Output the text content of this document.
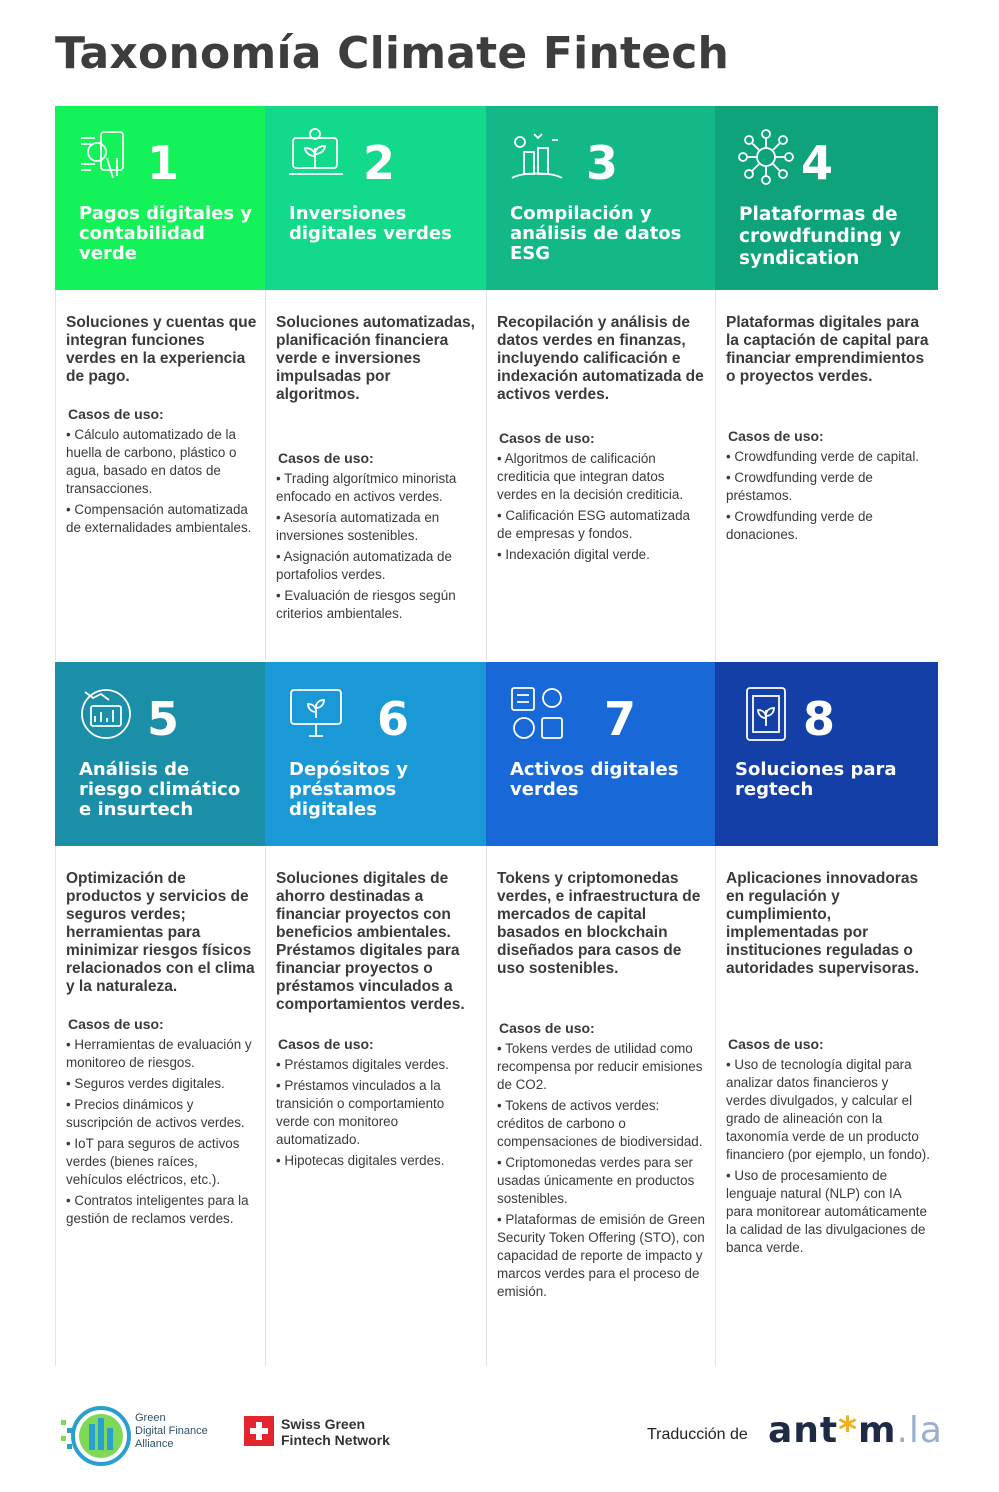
Taxonomía Climate Fintech
1
Pagos digitales y contabilidad verde
2
Inversiones digitales verdes
3
Compilación y análisis de datos ESG
4
Plataformas de crowdfunding y syndication
Soluciones y cuentas que integran funciones verdes en la experiencia de pago.
Casos de uso:
• Cálculo automatizado de la huella de carbono, plástico o agua, basado en datos de transacciones.
• Compensación automatizada de externalidades ambientales.
Soluciones automatizadas, planificación financiera verde e inversiones impulsadas por algoritmos.
Casos de uso:
• Trading algorítmico minorista enfocado en activos verdes.
• Asesoría automatizada en inversiones sostenibles.
• Asignación automatizada de portafolios verdes.
• Evaluación de riesgos según criterios ambientales.
Recopilación y análisis de datos verdes en finanzas, incluyendo calificación e indexación automatizada de activos verdes.
Casos de uso:
• Algoritmos de calificación crediticia que integran datos verdes en la decisión crediticia.
• Calificación ESG automatizada de empresas y fondos.
• Indexación digital verde.
Plataformas digitales para la captación de capital para financiar emprendimientos o proyectos verdes.
Casos de uso:
• Crowdfunding verde de capital.
• Crowdfunding verde de préstamos.
• Crowdfunding verde de donaciones.
5
Análisis de riesgo climático e insurtech
6
Depósitos y préstamos digitales
7
Activos digitales verdes
8
Soluciones para regtech
Optimización de productos y servicios de seguros verdes; herramientas para minimizar riesgos físicos relacionados con el clima y la naturaleza.
Casos de uso:
• Herramientas de evaluación y monitoreo de riesgos.
• Seguros verdes digitales.
• Precios dinámicos y suscripción de activos verdes.
• IoT para seguros de activos verdes (bienes raíces, vehículos eléctricos, etc.).
• Contratos inteligentes para la gestión de reclamos verdes.
Soluciones digitales de ahorro destinadas a financiar proyectos con beneficios ambientales. Préstamos digitales para financiar proyectos o préstamos vinculados a comportamientos verdes.
Casos de uso:
• Préstamos digitales verdes.
• Préstamos vinculados a la transición o comportamiento verde con monitoreo automatizado.
• Hipotecas digitales verdes.
Tokens y criptomonedas verdes, e infraestructura de mercados de capital basados en blockchain diseñados para casos de uso sostenibles.
Casos de uso:
• Tokens verdes de utilidad como recompensa por reducir emisiones de CO2.
• Tokens de activos verdes: créditos de carbono o compensaciones de biodiversidad.
• Criptomonedas verdes para ser usadas únicamente en productos sostenibles.
• Plataformas de emisión de Green Security Token Offering (STO), con capacidad de reporte de impacto y marcos verdes para el proceso de emisión.
Aplicaciones innovadoras en regulación y cumplimiento, implementadas por instituciones reguladas o autoridades supervisoras.
Casos de uso:
• Uso de tecnología digital para analizar datos financieros y verdes divulgados, y calcular el grado de alineación con la taxonomía verde de un producto financiero (por ejemplo, un fondo).
• Uso de procesamiento de lenguaje natural (NLP) con IA para monitorear automáticamente la calidad de las divulgaciones de banca verde.
Green
Digital Finance
Alliance
Swiss Green
Fintech Network	Traducción de ant*m.la
